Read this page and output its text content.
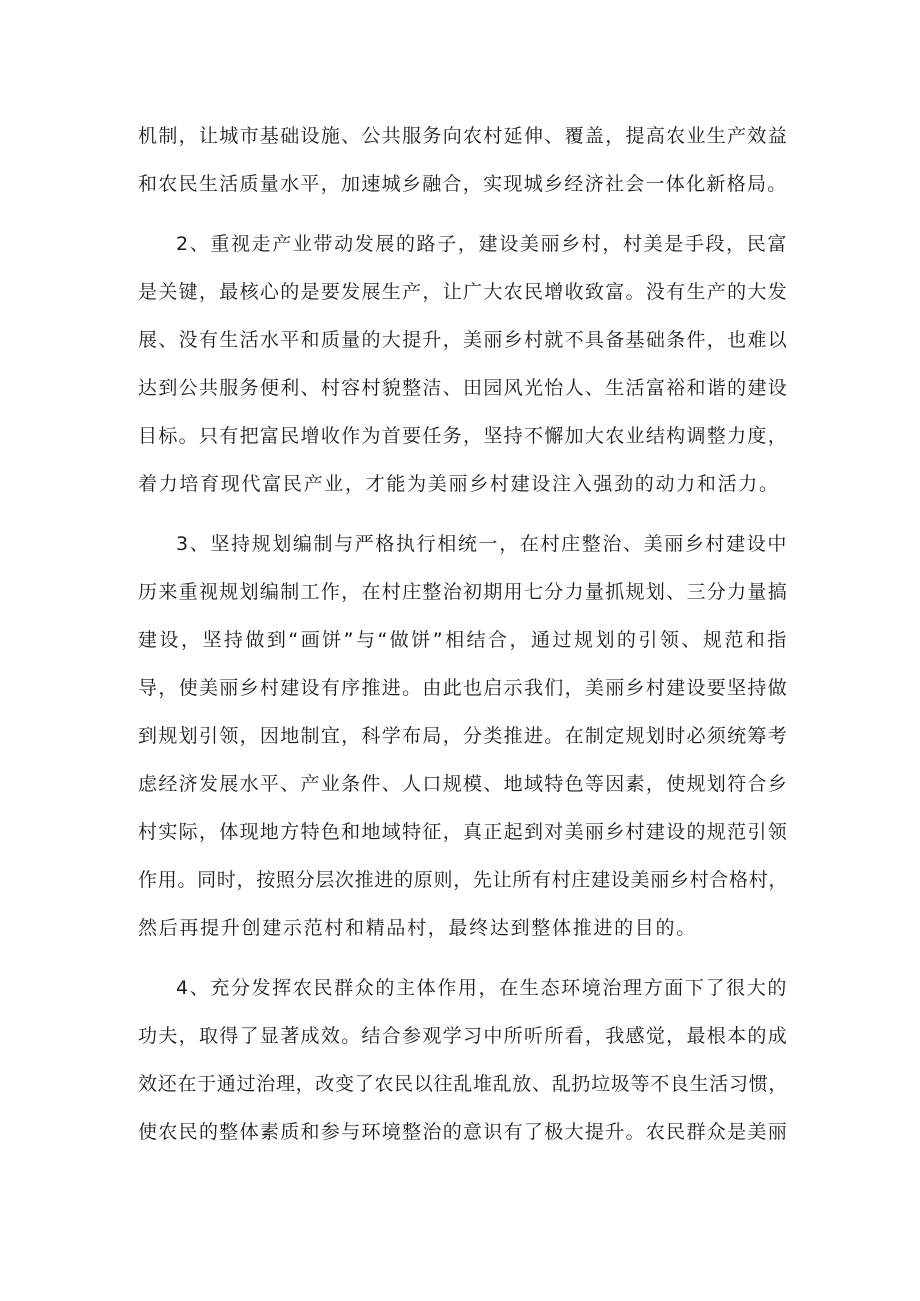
机制，让城市基础设施、公共服务向农村延伸、覆盖，提高农业生产效益
和农民生活质量水平，加速城乡融合，实现城乡经济社会一体化新格局。
2、重视走产业带动发展的路子，建设美丽乡村，村美是手段，民富
是关键，最核心的是要发展生产，让广大农民增收致富。没有生产的大发
展、没有生活水平和质量的大提升，美丽乡村就不具备基础条件，也难以
达到公共服务便利、村容村貌整洁、田园风光怡人、生活富裕和谐的建设
目标。只有把富民增收作为首要任务，坚持不懈加大农业结构调整力度，
着力培育现代富民产业，才能为美丽乡村建设注入强劲的动力和活力。
3、坚持规划编制与严格执行相统一，在村庄整治、美丽乡村建设中
历来重视规划编制工作，在村庄整治初期用七分力量抓规划、三分力量搞
建设，坚持做到“画饼”与“做饼”相结合，通过规划的引领、规范和指
导，使美丽乡村建设有序推进。由此也启示我们，美丽乡村建设要坚持做
到规划引领，因地制宜，科学布局，分类推进。在制定规划时必须统筹考
虑经济发展水平、产业条件、人口规模、地域特色等因素，使规划符合乡
村实际，体现地方特色和地域特征，真正起到对美丽乡村建设的规范引领
作用。同时，按照分层次推进的原则，先让所有村庄建设美丽乡村合格村，
然后再提升创建示范村和精品村，最终达到整体推进的目的。
4、充分发挥农民群众的主体作用，在生态环境治理方面下了很大的
功夫，取得了显著成效。结合参观学习中所听所看，我感觉，最根本的成
效还在于通过治理，改变了农民以往乱堆乱放、乱扔垃圾等不良生活习惯，
使农民的整体素质和参与环境整治的意识有了极大提升。农民群众是美丽
